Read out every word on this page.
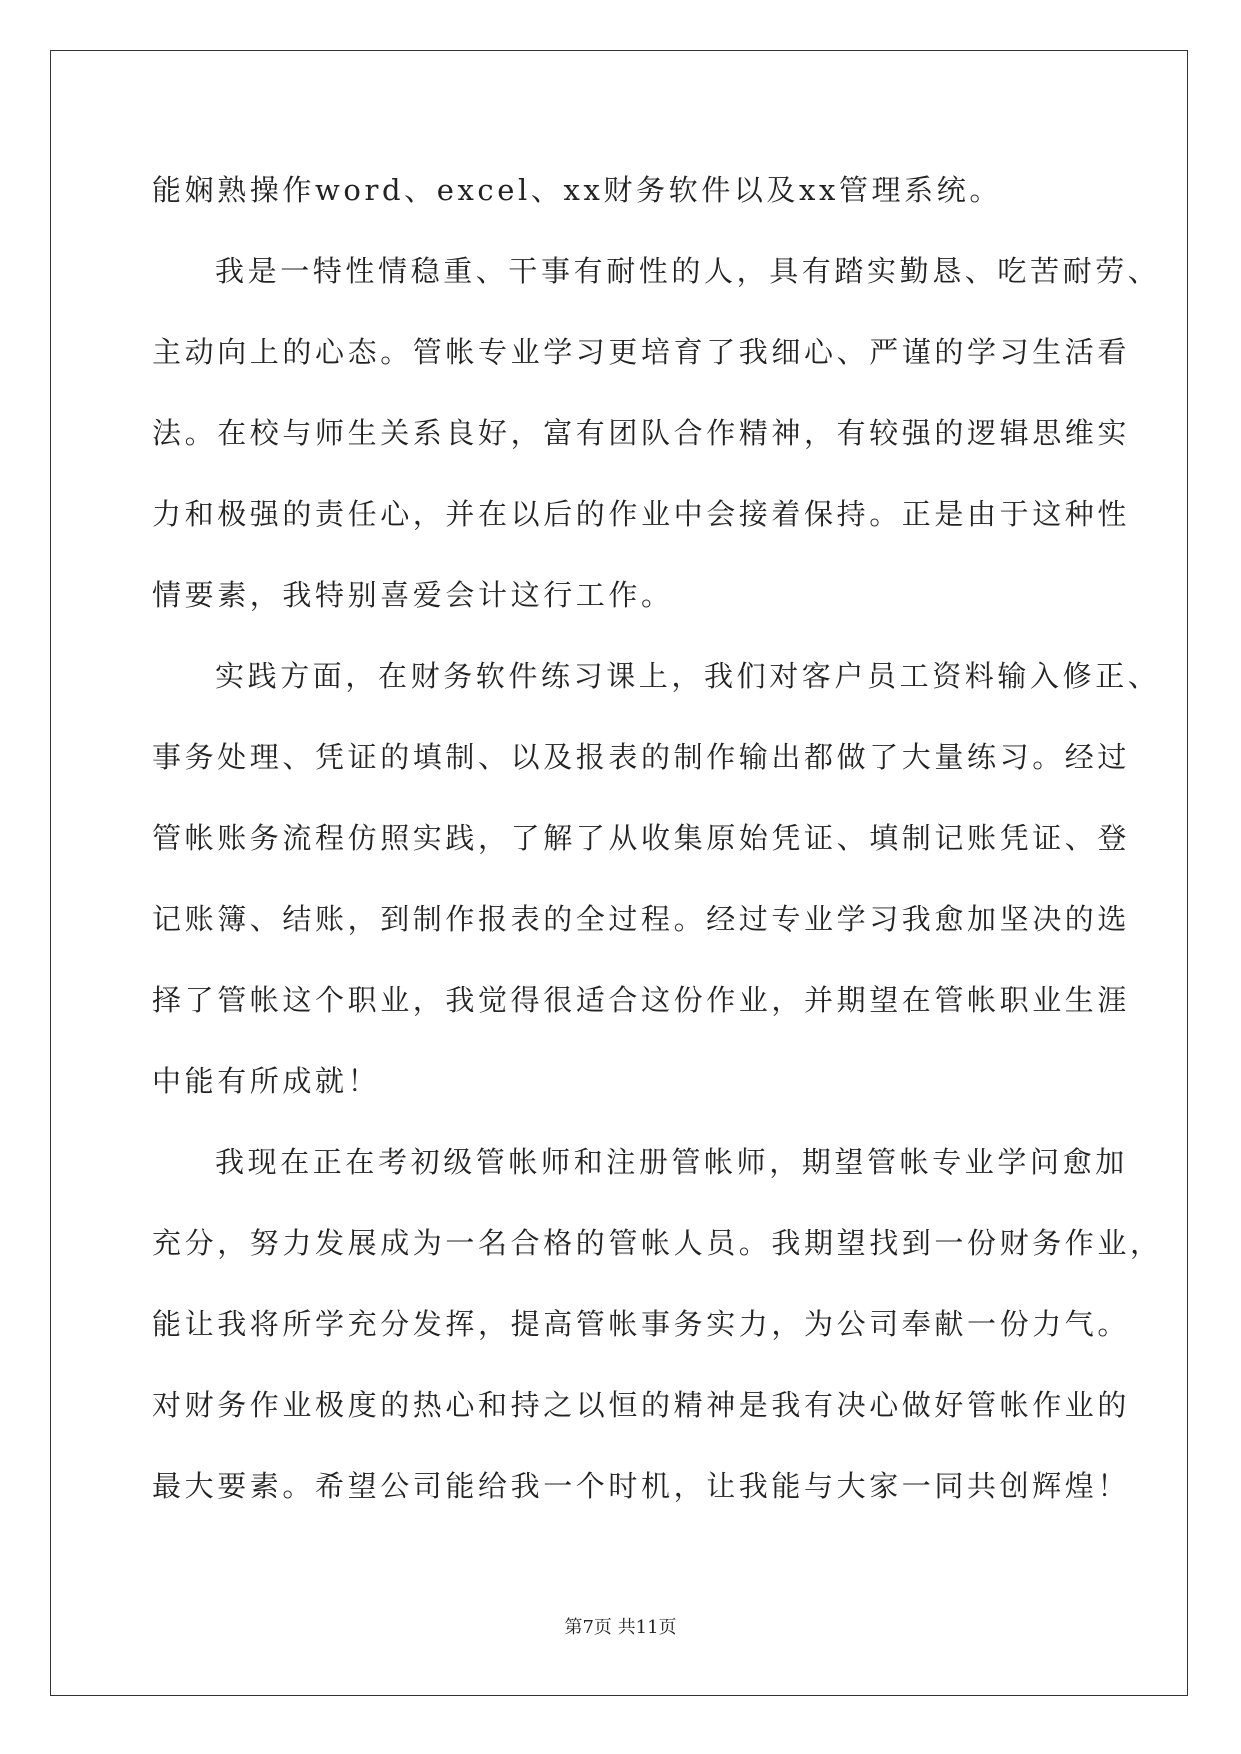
能娴熟操作word、excel、xx财务软件以及xx管理系统。
我是一特性情稳重、干事有耐性的人，具有踏实勤恳、吃苦耐劳、
主动向上的心态。管帐专业学习更培育了我细心、严谨的学习生活看
法。在校与师生关系良好，富有团队合作精神，有较强的逻辑思维实
力和极强的责任心，并在以后的作业中会接着保持。正是由于这种性
情要素，我特别喜爱会计这行工作。
实践方面，在财务软件练习课上，我们对客户员工资料输入修正、
事务处理、凭证的填制、以及报表的制作输出都做了大量练习。经过
管帐账务流程仿照实践，了解了从收集原始凭证、填制记账凭证、登
记账簿、结账，到制作报表的全过程。经过专业学习我愈加坚决的选
择了管帐这个职业，我觉得很适合这份作业，并期望在管帐职业生涯
中能有所成就！
我现在正在考初级管帐师和注册管帐师，期望管帐专业学问愈加
充分，努力发展成为一名合格的管帐人员。我期望找到一份财务作业，
能让我将所学充分发挥，提高管帐事务实力，为公司奉献一份力气。
对财务作业极度的热心和持之以恒的精神是我有决心做好管帐作业的
最大要素。希望公司能给我一个时机，让我能与大家一同共创辉煌！
第7页 共11页
